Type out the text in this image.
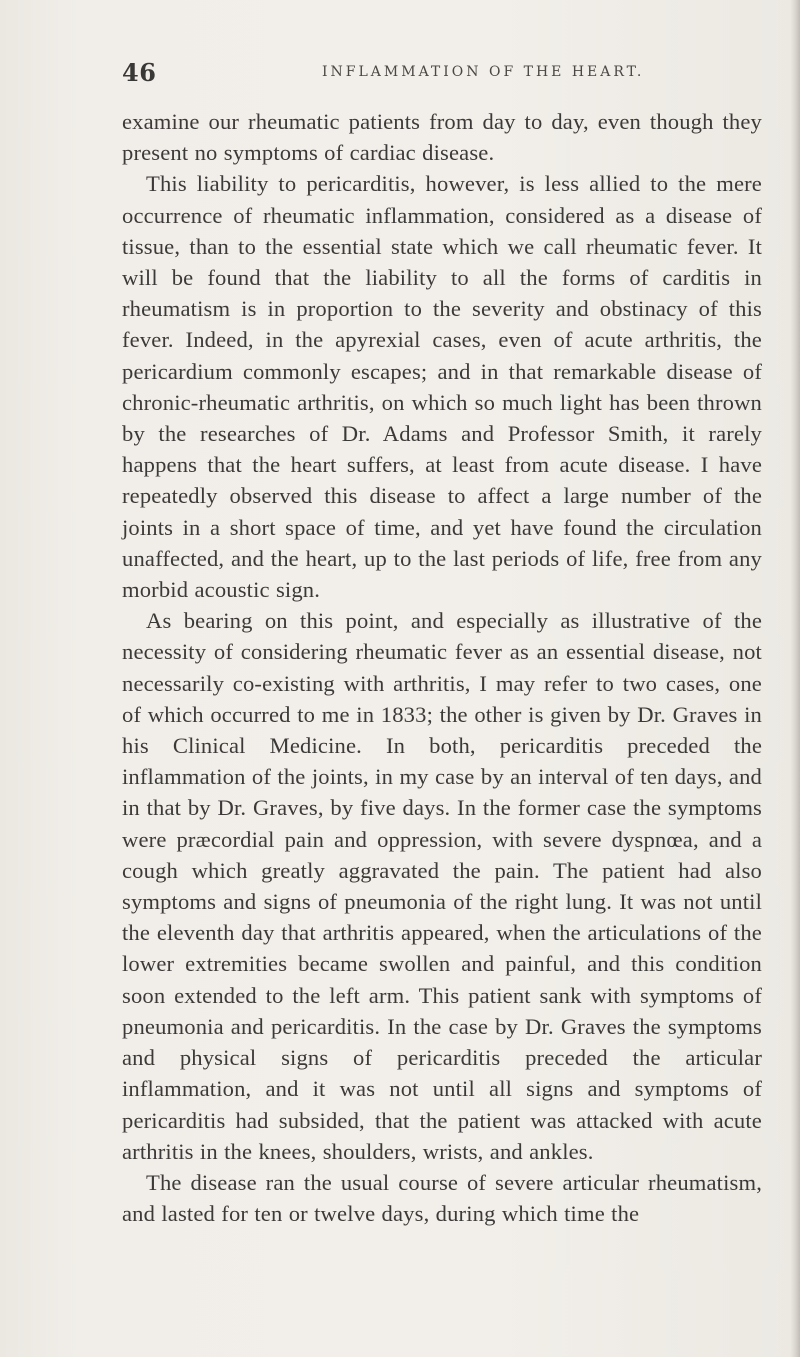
46	INFLAMMATION OF THE HEART.

examine our rheumatic patients from day to day, even though they present no symptoms of cardiac disease.

This liability to pericarditis, however, is less allied to the mere occurrence of rheumatic inflammation, considered as a disease of tissue, than to the essential state which we call rheumatic fever. It will be found that the liability to all the forms of carditis in rheumatism is in proportion to the severity and obstinacy of this fever. Indeed, in the apyrexial cases, even of acute arthritis, the pericardium commonly escapes; and in that remarkable disease of chronic-rheumatic arthritis, on which so much light has been thrown by the researches of Dr. Adams and Professor Smith, it rarely happens that the heart suffers, at least from acute disease. I have repeatedly observed this disease to affect a large number of the joints in a short space of time, and yet have found the circulation unaffected, and the heart, up to the last periods of life, free from any morbid acoustic sign.

As bearing on this point, and especially as illustrative of the necessity of considering rheumatic fever as an essential disease, not necessarily co-existing with arthritis, I may refer to two cases, one of which occurred to me in 1833; the other is given by Dr. Graves in his Clinical Medicine. In both, pericarditis preceded the inflammation of the joints, in my case by an interval of ten days, and in that by Dr. Graves, by five days. In the former case the symptoms were præcordial pain and oppression, with severe dyspnœa, and a cough which greatly aggravated the pain. The patient had also symptoms and signs of pneumonia of the right lung. It was not until the eleventh day that arthritis appeared, when the articulations of the lower extremities became swollen and painful, and this condition soon extended to the left arm. This patient sank with symptoms of pneumonia and pericarditis. In the case by Dr. Graves the symptoms and physical signs of pericarditis preceded the articular inflammation, and it was not until all signs and symptoms of pericarditis had subsided, that the patient was attacked with acute arthritis in the knees, shoulders, wrists, and ankles.

The disease ran the usual course of severe articular rheumatism, and lasted for ten or twelve days, during which time the
